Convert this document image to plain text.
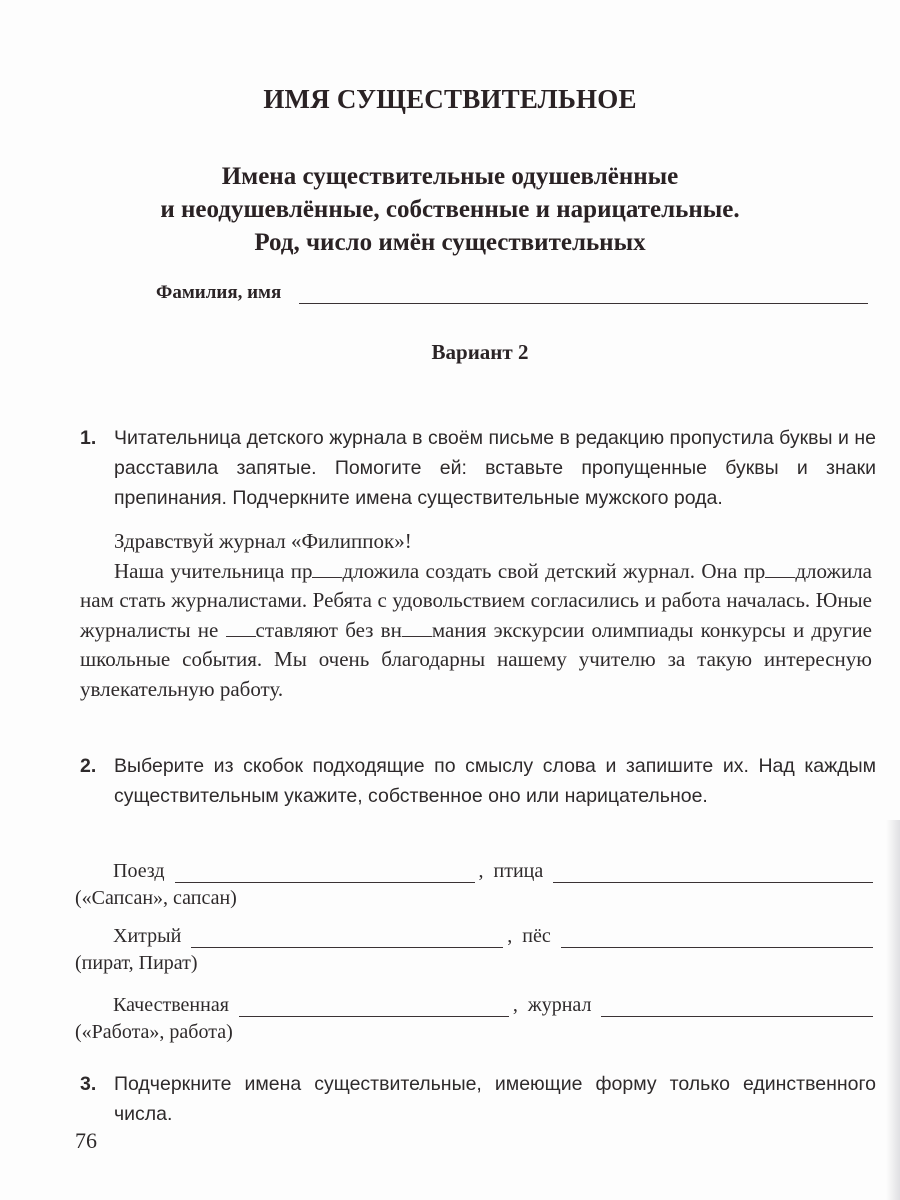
ИМЯ СУЩЕСТВИТЕЛЬНОЕ
Имена существительные одушевлённые
и неодушевлённые, собственные и нарицательные.
Род, число имён существительных
Фамилия, имя
Вариант 2
1. Читательница детского журнала в своём письме в редакцию пропустила буквы и не расставила запятые. Помогите ей: вставьте пропущенные буквы и знаки препинания. Подчеркните имена существительные мужского рода.
Здравствуй журнал «Филиппок»!
Наша учительница пр дложила создать свой детский журнал. Она пр дложила нам стать журналистами. Ребята с удовольствием согласились и работа началась. Юные журналисты не ставляют без вн мания экскурсии олимпиады конкурсы и другие школьные события. Мы очень благодарны нашему учителю за такую интересную увлекательную работу.
2. Выберите из скобок подходящие по смыслу слова и запишите их. Над каждым существительным укажите, собственное оно или нарицательное.
Поезд	, птица
(«Сапсан», сапсан)
Хитрый	, пёс
(пират, Пират)
Качественная	, журнал
(«Работа», работа)
3. Подчеркните имена существительные, имеющие форму только единственного числа.
76
